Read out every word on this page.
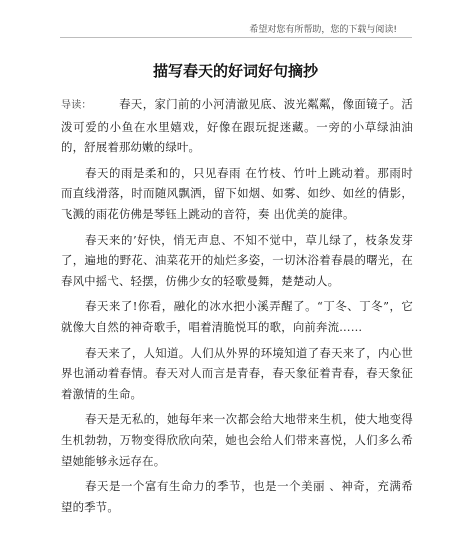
希望对您有所帮助，您的下载与阅读!
描写春天的好词好句摘抄

导读： 春天，家门前的小河清澈见底、波光粼粼，像面镜子。活泼可爱的小鱼在水里嬉戏，好像在跟玩捉迷藏。一旁的小草绿油油的，舒展着那幼嫩的绿叶。

春天的雨是柔和的，只见春雨 在竹枝、竹叶上跳动着。那雨时而直线滑落，时而随风飘洒，留下如烟、如雾、如纱、如丝的倩影，飞溅的雨花仿佛是琴钰上跳动的音符，奏 出优美的旋律。

春天来的’好快，悄无声息、不知不觉中，草儿绿了，枝条发芽了，遍地的野花、油菜花开的灿烂多姿，一切沐浴着春晨的曙光，在春风中摇弋、轻摆，仿佛少女的轻歌曼舞，楚楚动人。

春天来了!你看，融化的冰水把小溪弄醒了。“丁冬、丁冬”，它就像大自然的神奇歌手，唱着清脆悦耳的歌，向前奔流……

春天来了，人知道。人们从外界的环境知道了春天来了，内心世界也涌动着春情。春天对人而言是青春，春天象征着青春，春天象征着激情的生命。

春天是无私的，她每年来一次都会给大地带来生机，使大地变得生机勃勃，万物变得欣欣向荣，她也会给人们带来喜悦，人们多么希望她能够永远存在。

春天是一个富有生命力的季节，也是一个美丽 、神奇，充满希望的季节。
